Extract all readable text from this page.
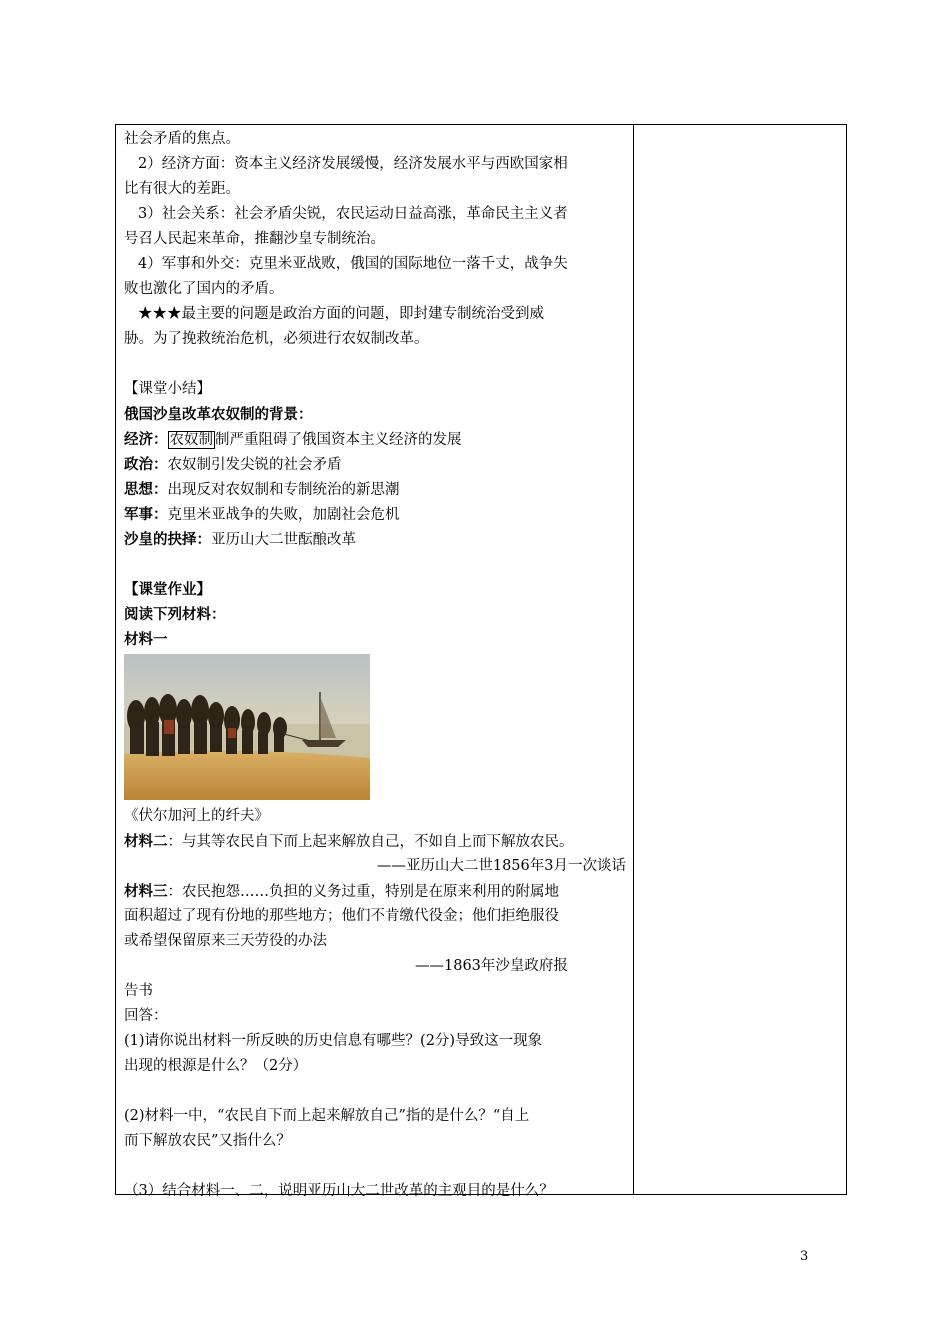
社会矛盾的焦点。
2）经济方面：资本主义经济发展缓慢，经济发展水平与西欧国家相
比有很大的差距。
3）社会关系：社会矛盾尖锐，农民运动日益高涨，革命民主主义者
号召人民起来革命，推翻沙皇专制统治。
4）军事和外交：克里米亚战败，俄国的国际地位一落千丈，战争失
败也激化了国内的矛盾。
★★★最主要的问题是政治方面的问题，即封建专制统治受到威
胁。为了挽救统治危机，必须进行农奴制改革。
【课堂小结】
俄国沙皇改革农奴制的背景：
经济： 农奴制 制严重阻碍了俄国资本主义经济的发展
政治：农奴制引发尖锐的社会矛盾
思想：出现反对农奴制和专制统治的新思潮
军事：克里米亚战争的失败，加剧社会危机
沙皇的抉择：亚历山大二世酝酿改革
【课堂作业】
阅读下列材料：
材料一
《伏尔加河上的纤夫》
材料二：与其等农民自下而上起来解放自己，不如自上而下解放农民。
——亚历山大二世1856年3月一次谈话
材料三：农民抱怨……负担的义务过重，特别是在原来利用的附属地
面积超过了现有份地的那些地方；他们不肯缴代役金；他们拒绝服役
或希望保留原来三天劳役的办法
——1863年沙皇政府报
告书
回答：
(1)请你说出材料一所反映的历史信息有哪些？(2分)导致这一现象
出现的根源是什么？（2分）
(2)材料一中，“农民自下而上起来解放自己”指的是什么？“自上
而下解放农民”又指什么？
（3）结合材料一、二，说明亚历山大二世改革的主观目的是什么？
3
